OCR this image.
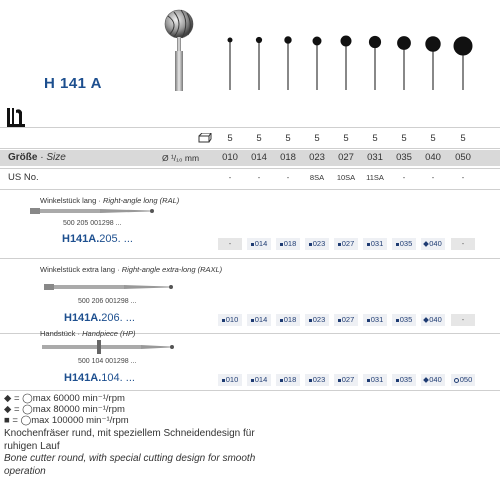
H 141 A
5	5	5	5	5	5	5	5	5
Größe · Size	Ø ¹/₁₀ mm	010	014	018	023	027	031	035	040	050
US No.	-	-	-	8SA	10SA	11SA	-	-	-
Winkelstück lang · Right-angle long (RAL)
500 205 001298 ...
H141A.205. ...	-	014	018	023	027	031	035	040	-
Winkelstück extra lang · Right-angle extra-long (RAXL)
500 206 001298 ...
H141A.206. ...	010	014	018	023	027	031	035	040	-
Handstück · Handpiece (HP)
500 104 001298 ...
H141A.104. ...	010	014	018	023	027	031	035	040	050
◆ = ◯max 60000 min⁻¹/rpm
◆ = ◯max 80000 min⁻¹/rpm
■ = ◯max 100000 min⁻¹/rpm
Knochenfräser rund, mit speziellem Schneidendesign für
ruhigen Lauf
Bone cutter round, with special cutting design for smooth
operation
